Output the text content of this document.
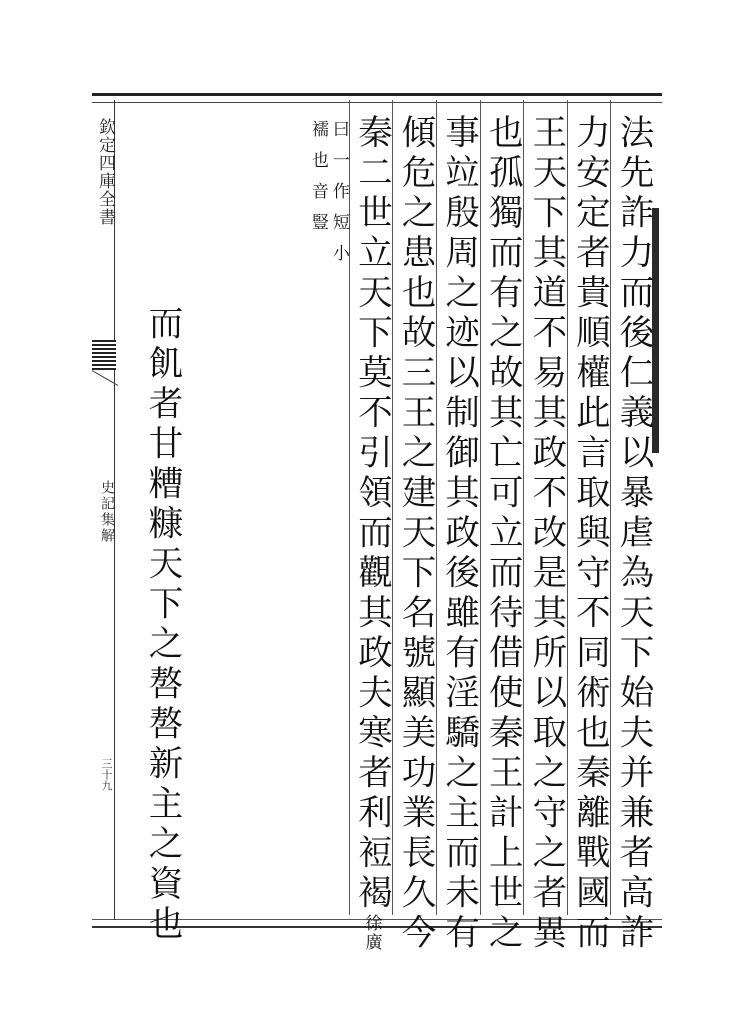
欽定四庫全書
史記集解
三十九	法先詐力而後仁義以暴虐為天下始夫并兼者高詐
力安定者貴順權此言取與守不同術也秦離戰國而
王天下其道不易其政不改是其所以取之守之者異
也孤獨而有之故其亡可立而待借使秦王計上世之
事竝殷周之迹以制御其政後雖有淫驕之主而未有
傾危之患也故三王之建天下名號顯美功業長久今
秦二世立天下莫不引領而觀其政夫寒者利裋褐徐廣
曰一作短小
襦也音豎
而飢者甘糟糠天下之嗸嗸新主之資也
